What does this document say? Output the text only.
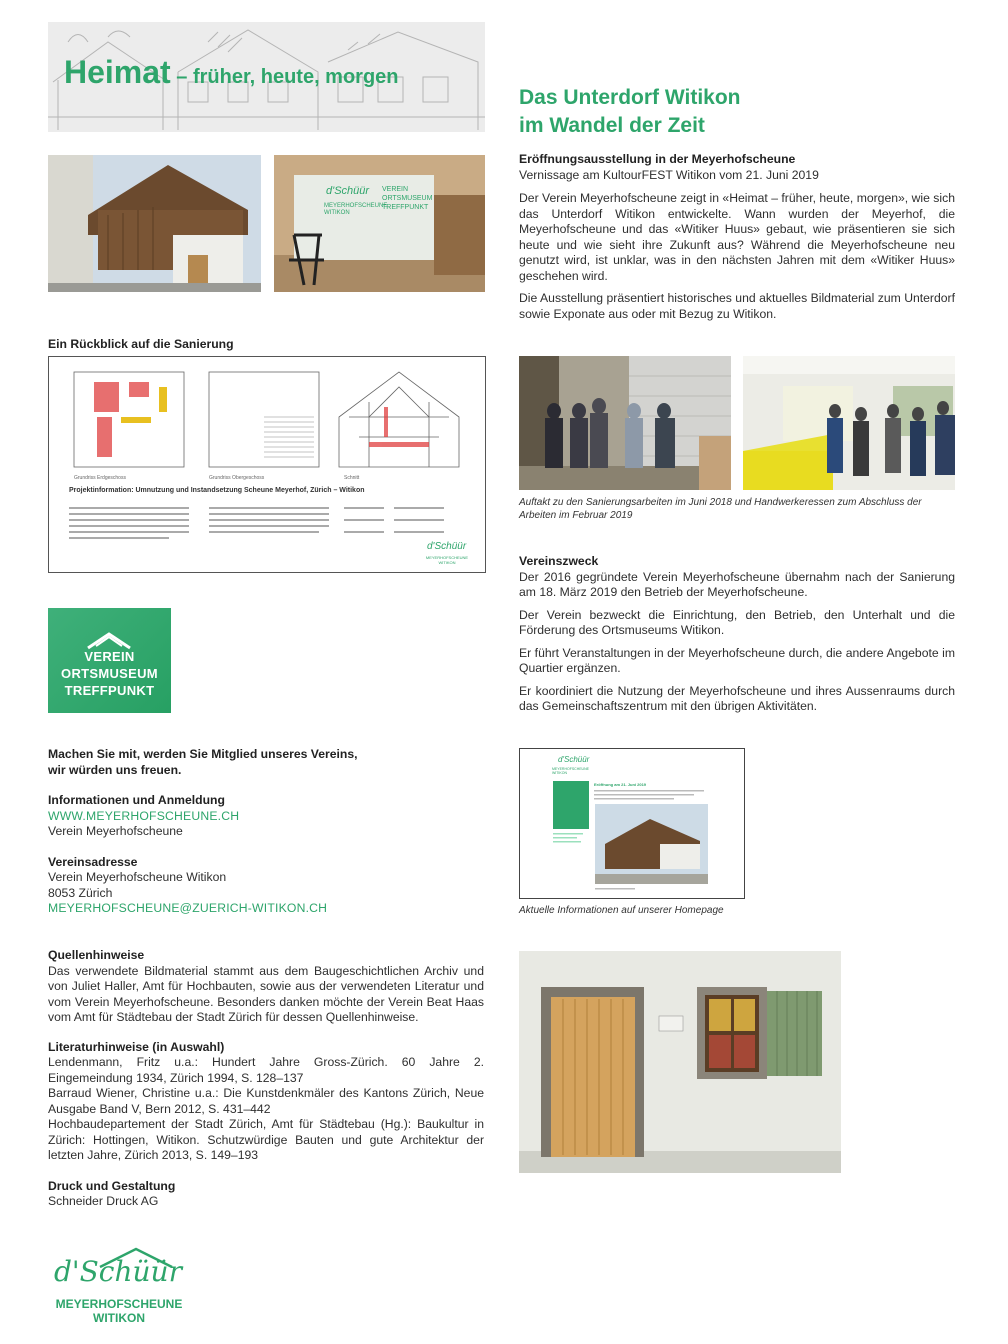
Heimat – früher, heute, morgen
Das Unterdorf Witikon
im Wandel der Zeit
d'Schüür
MEYERHOFSCHEUNE WITIKON
VEREIN
ORTSMUSEUM
TREFFPUNKT

Eröffnungsausstellung in der Meyerhofscheune

Vernissage am KultourFEST Witikon vom 21. Juni 2019

Der Verein Meyerhofscheune zeigt in «Heimat – früher, heute, morgen», wie sich das Unterdorf Witikon entwickelte. Wann wurden der Meyerhof, die Meyerhofscheune und das «Witiker Huus» gebaut, wie präsentieren sie sich heute und wie sieht ihre Zukunft aus? Während die Meyerhofscheune neu genutzt wird, ist unklar, was in den nächsten Jahren mit dem «Witiker Huus» geschehen wird.

Die Ausstellung präsentiert historisches und aktuelles Bildmaterial zum Unterdorf sowie Exponate aus oder mit Bezug zu Witikon.

Ein Rückblick auf die Sanierung
Grundriss Erdgeschoss	Grundriss Obergeschoss	Schnitt
Projektinformation: Umnutzung und Instandsetzung Scheune Meyerhof, Zürich – Witikon
d'Schüür
MEYERHOFSCHEUNE WITIKON
Auftakt zu den Sanierungsarbeiten im Juni 2018 und Handwerkeressen zum Abschluss der Arbeiten im Februar 2019

Vereinszweck

Der 2016 gegründete Verein Meyerhofscheune übernahm nach der Sanierung am 18. März 2019 den Betrieb der Meyerhofscheune.

Der Verein bezweckt die Einrichtung, den Betrieb, den Unterhalt und die Förderung des Ortsmuseums Witikon.

Er führt Veranstaltungen in der Meyerhofscheune durch, die andere Angebote im Quartier ergänzen.

Er koordiniert die Nutzung der Meyerhofscheune und ihres Aussenraums durch das Gemeinschaftszentrum mit den übrigen Aktivitäten.

VEREIN
ORTSMUSEUM
TREFFPUNKT

Machen Sie mit, werden Sie Mitglied unseres Vereins,

wir würden uns freuen.

Informationen und Anmeldung

WWW.MEYERHOFSCHEUNE.CH

Verein Meyerhofscheune

Vereinsadresse

Verein Meyerhofscheune Witikon

8053 Zürich

MEYERHOFSCHEUNE@ZUERICH-WITIKON.CH

d'Schüür
MEYERHOFSCHEUNE WITIKON
Eröffnung am 21. Juni 2019
Aktuelle Informationen auf unserer Homepage

Quellenhinweise

Das verwendete Bildmaterial stammt aus dem Baugeschichtlichen Archiv und von Juliet Haller, Amt für Hochbauten, sowie aus der verwendeten Literatur und vom Verein Meyerhofscheune. Besonders danken möchte der Verein Beat Haas vom Amt für Städtebau der Stadt Zürich für dessen Quellenhinweise.

Literaturhinweise (in Auswahl)

Lendenmann, Fritz u.a.: Hundert Jahre Gross-Zürich. 60 Jahre 2. Eingemeindung 1934, Zürich 1994, S. 128–137

Barraud Wiener, Christine u.a.: Die Kunstdenkmäler des Kantons Zürich, Neue Ausgabe Band V, Bern 2012, S. 431–442

Hochbaudepartement der Stadt Zürich, Amt für Städtebau (Hg.): Baukultur in Zürich: Hottingen, Witikon. Schutzwürdige Bauten und gute Architektur der letzten Jahre, Zürich 2013, S. 149–193

Druck und Gestaltung

Schneider Druck AG

d'Schüür
MEYERHOFSCHEUNE
WITIKON
